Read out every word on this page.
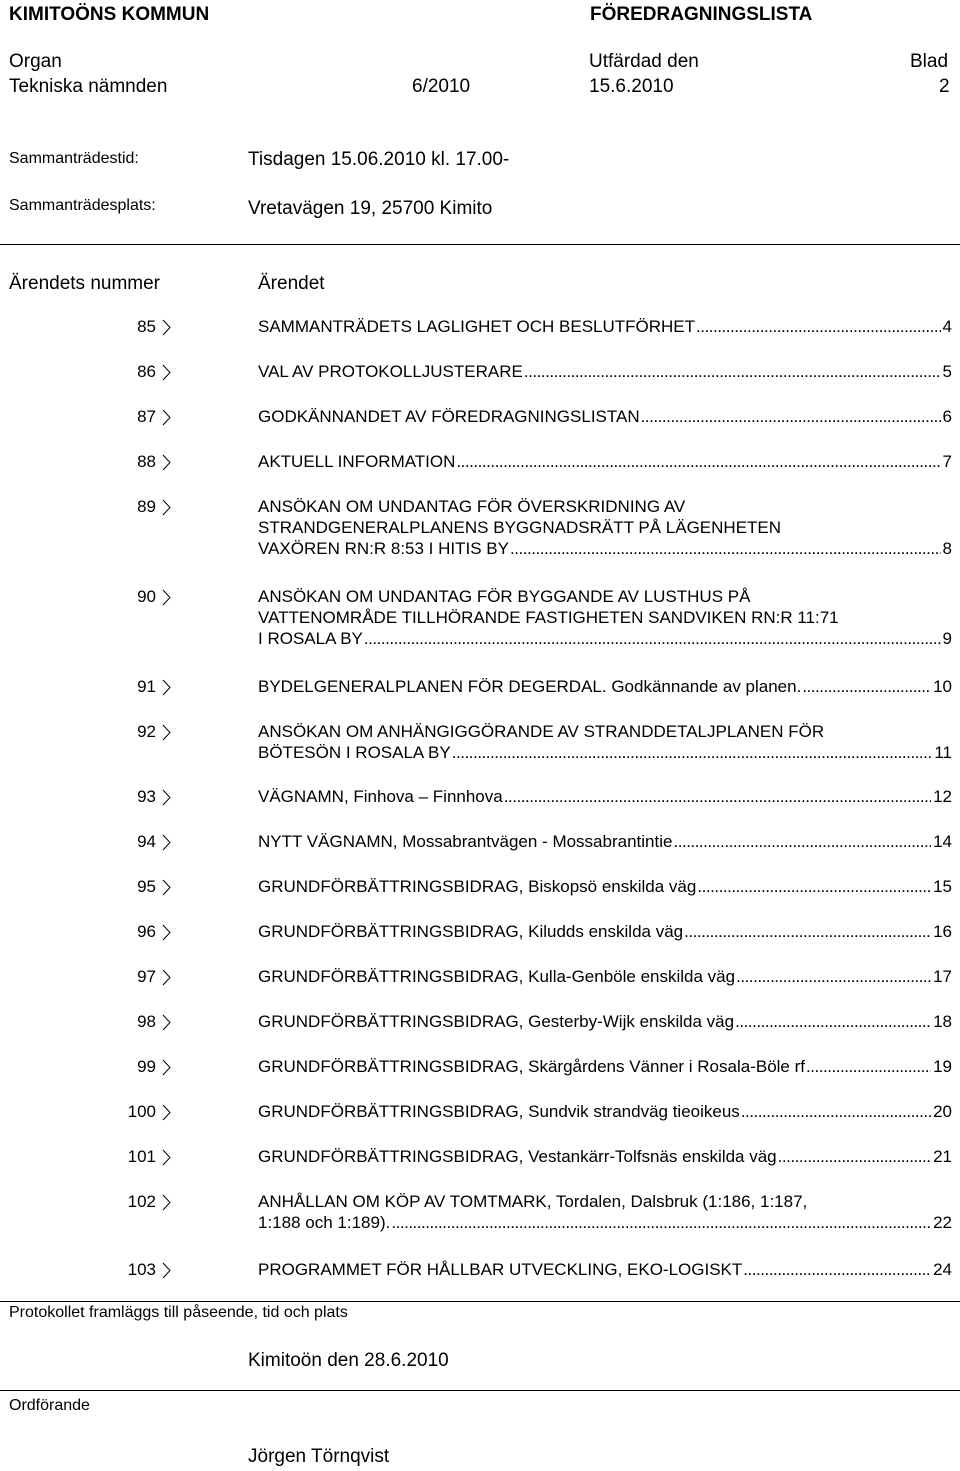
KIMITOÖNS KOMMUN	FÖREDRAGNINGSLISTA
Organ	Utfärdad den	Blad
Tekniska nämnden	6/2010	15.6.2010	2
Sammanträdestid:	Tisdagen 15.06.2010 kl. 17.00-
Sammanträdesplats:	Vretavägen 19, 25700 Kimito
Ärendets nummer	Ärendet
85	SAMMANTRÄDETS LAGLIGHET OCH BESLUTFÖRHET . . .	4
86	VAL AV PROTOKOLLJUSTERARE . . .	5
87	GODKÄNNANDET AV FÖREDRAGNINGSLISTAN . . .	6
88	AKTUELL INFORMATION . . .	7
89	ANSÖKAN OM UNDANTAG FÖR ÖVERSKRIDNING AV
STRANDGENERALPLANENS BYGGNADSRÄTT PÅ LÄGENHETEN
VAXÖREN RN:R 8:53 I HITIS BY . . .	8
90	ANSÖKAN OM UNDANTAG FÖR BYGGANDE AV LUSTHUS PÅ
VATTENOMRÅDE TILLHÖRANDE FASTIGHETEN SANDVIKEN RN:R 11:71
I ROSALA BY . . .	9
91	BYDELGENERALPLANEN FÖR DEGERDAL. Godkännande av planen. . . .	10
92	ANSÖKAN OM ANHÄNGIGGÖRANDE AV STRANDDETALJPLANEN FÖR
BÖTESÖN I ROSALA BY . . .	11
93	VÄGNAMN, Finhova – Finnhova . . .	12
94	NYTT VÄGNAMN, Mossabrantvägen - Mossabrantintie . . .	14
95	GRUNDFÖRBÄTTRINGSBIDRAG, Biskopsö enskilda väg . . .	15
96	GRUNDFÖRBÄTTRINGSBIDRAG, Kiludds enskilda väg . . .	16
97	GRUNDFÖRBÄTTRINGSBIDRAG, Kulla-Genböle enskilda väg . . .	17
98	GRUNDFÖRBÄTTRINGSBIDRAG, Gesterby-Wijk enskilda väg . . .	18
99	GRUNDFÖRBÄTTRINGSBIDRAG, Skärgårdens Vänner i Rosala-Böle rf . . .	19
100	GRUNDFÖRBÄTTRINGSBIDRAG, Sundvik strandväg tieoikeus . . .	20
101	GRUNDFÖRBÄTTRINGSBIDRAG, Vestankärr-Tolfsnäs enskilda väg . . .	21
102	ANHÅLLAN OM KÖP AV TOMTMARK, Tordalen, Dalsbruk (1:186, 1:187,
1:188 och 1:189). . . .	22
103	PROGRAMMET FÖR HÅLLBAR UTVECKLING, EKO-LOGISKT . . .	24
Protokollet framläggs till påseende, tid och plats
Kimitoön den 28.6.2010
Ordförande
Jörgen Törnqvist
